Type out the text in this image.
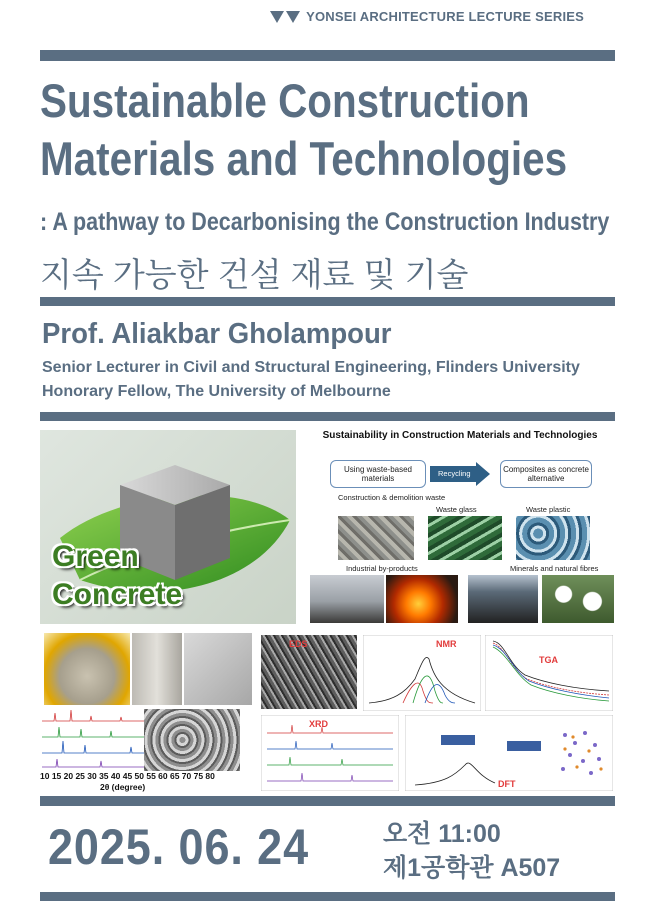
YONSEI ARCHITECTURE LECTURE SERIES
Sustainable Construction
Materials and Technologies
: A pathway to Decarbonising the Construction Industry
지속 가능한 건설 재료 및 기술
Prof. Aliakbar Gholampour
Senior Lecturer in Civil and Structural Engineering, Flinders University
Honorary Fellow, The University of Melbourne
Green
Concrete
Sustainability in Construction Materials and Technologies
Using waste-based materials
Recycling	Composites as concrete alternative
Construction & demolition waste
Waste glass	Waste plastic
Industrial by-products	Minerals and natural fibres
10 15 20 25 30 35 40 45 50 55 60 65 70 75 80
2θ (degree)
EDS	NMR
TGA
XRD
DFT
2025. 06. 24	오전 11:00
제1공학관 A507
